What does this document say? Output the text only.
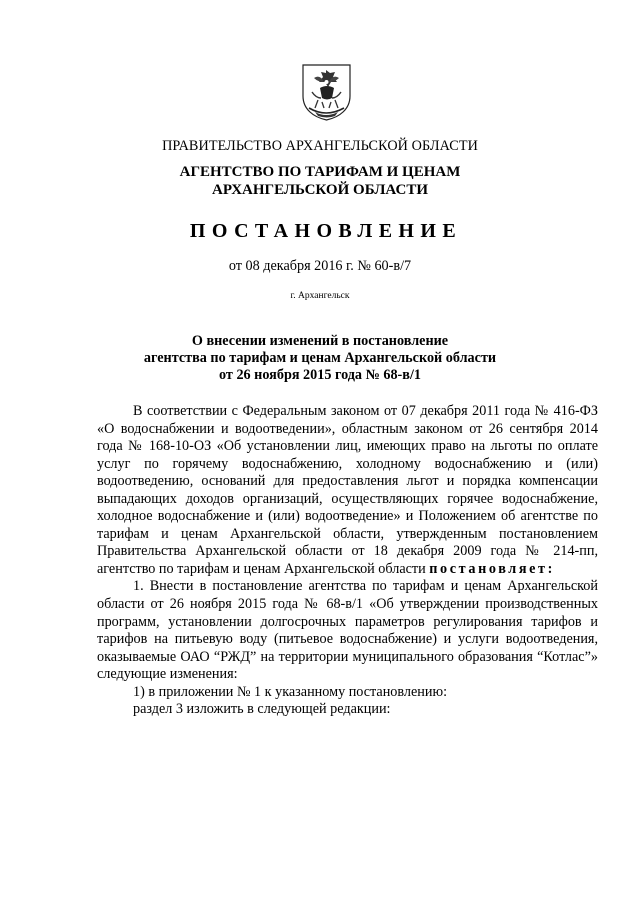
ПРАВИТЕЛЬСТВО АРХАНГЕЛЬСКОЙ ОБЛАСТИ
АГЕНТСТВО ПО ТАРИФАМ И ЦЕНАМ
АРХАНГЕЛЬСКОЙ ОБЛАСТИ
ПОСТАНОВЛЕНИЕ
от 08 декабря 2016 г. № 60-в/7
г. Архангельск
О внесении изменений в постановление
агентства по тарифам и ценам Архангельской области
от 26 ноября 2015 года № 68-в/1

В соответствии с Федеральным законом от 07 декабря 2011 года № 416-ФЗ «О водоснабжении и водоотведении», областным законом от 26 сентября 2014 года № 168-10-ОЗ «Об установлении лиц, имеющих право на льготы по оплате услуг по горячему водоснабжению, холодному водоснабжению и (или) водоотведению, оснований для предоставления льгот и порядка компенсации выпадающих доходов организаций, осуществляющих горячее водоснабжение, холодное водоснабжение и (или) водоотведение» и Положением об агентстве по тарифам и ценам Архангельской области, утвержденным постановлением Правительства Архангельской области от 18 декабря 2009 года № 214-пп, агентство по тарифам и ценам Архангельской области постановляет:

1. Внести в постановление агентства по тарифам и ценам Архангельской области от 26 ноября 2015 года № 68-в/1 «Об утверждении производственных программ, установлении долгосрочных параметров регулирования тарифов и тарифов на питьевую воду (питьевое водоснабжение) и услуги водоотведения, оказываемые ОАО “РЖД” на территории муниципального образования “Котлас”» следующие изменения:

1) в приложении № 1 к указанному постановлению:

раздел 3 изложить в следующей редакции:
